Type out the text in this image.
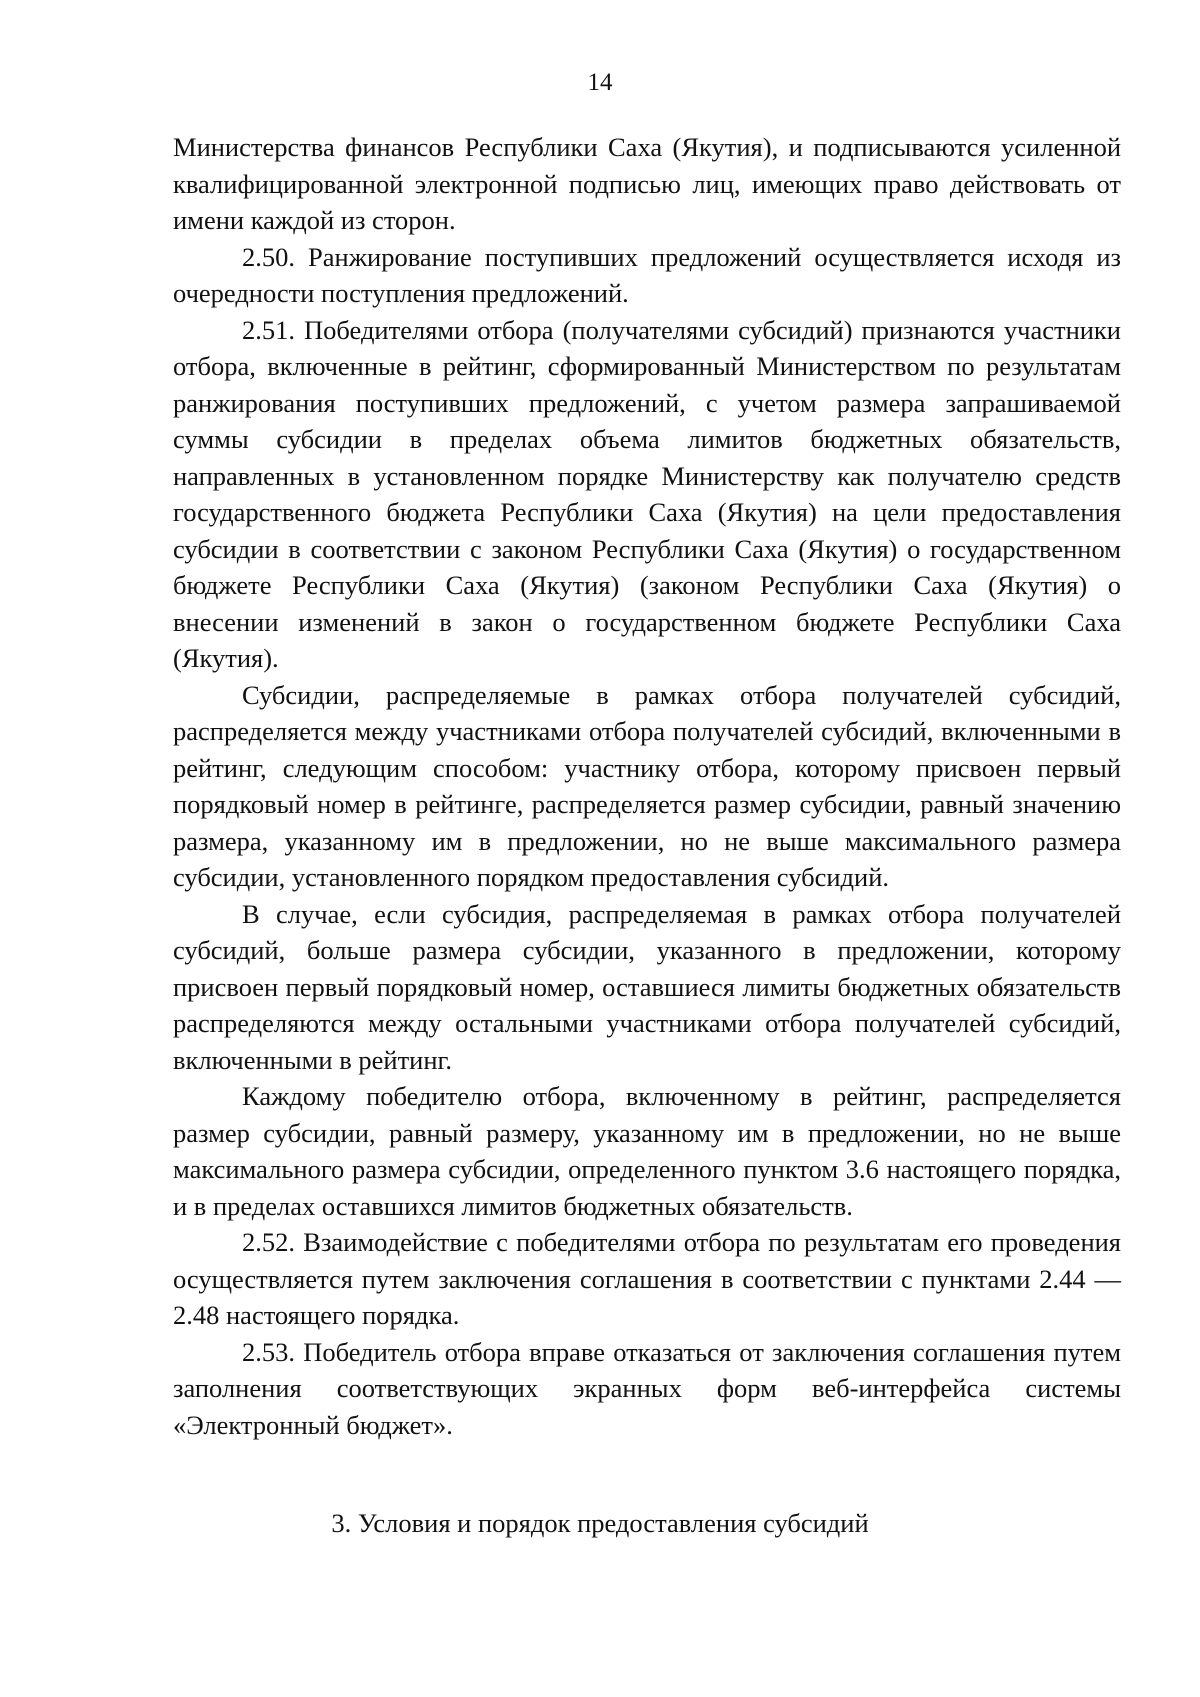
14

Министерства финансов Республики Саха (Якутия), и подписываются усиленной квалифицированной электронной подписью лиц, имеющих право действовать от имени каждой из сторон.

2.50. Ранжирование поступивших предложений осуществляется исходя из очередности поступления предложений.

2.51. Победителями отбора (получателями субсидий) признаются участники отбора, включенные в рейтинг, сформированный Министерством по результатам ранжирования поступивших предложений, с учетом размера запрашиваемой суммы субсидии в пределах объема лимитов бюджетных обязательств, направленных в установленном порядке Министерству как получателю средств государственного бюджета Республики Саха (Якутия) на цели предоставления субсидии в соответствии с законом Республики Саха (Якутия) о государственном бюджете Республики Саха (Якутия) (законом Республики Саха (Якутия) о внесении изменений в закон о государственном бюджете Республики Саха (Якутия).

Субсидии, распределяемые в рамках отбора получателей субсидий, распределяется между участниками отбора получателей субсидий, включенными в рейтинг, следующим способом: участнику отбора, которому присвоен первый порядковый номер в рейтинге, распределяется размер субсидии, равный значению размера, указанному им в предложении, но не выше максимального размера субсидии, установленного порядком предоставления субсидий.

В случае, если субсидия, распределяемая в рамках отбора получателей субсидий, больше размера субсидии, указанного в предложении, которому присвоен первый порядковый номер, оставшиеся лимиты бюджетных обязательств распределяются между остальными участниками отбора получателей субсидий, включенными в рейтинг.

Каждому победителю отбора, включенному в рейтинг, распределяется размер субсидии, равный размеру, указанному им в предложении, но не выше максимального размера субсидии, определенного пунктом 3.6 настоящего порядка, и в пределах оставшихся лимитов бюджетных обязательств.

2.52. Взаимодействие с победителями отбора по результатам его проведения осуществляется путем заключения соглашения в соответствии с пунктами 2.44 — 2.48 настоящего порядка.

2.53. Победитель отбора вправе отказаться от заключения соглашения путем заполнения соответствующих экранных форм веб-интерфейса системы «Электронный бюджет».

3. Условия и порядок предоставления субсидий
